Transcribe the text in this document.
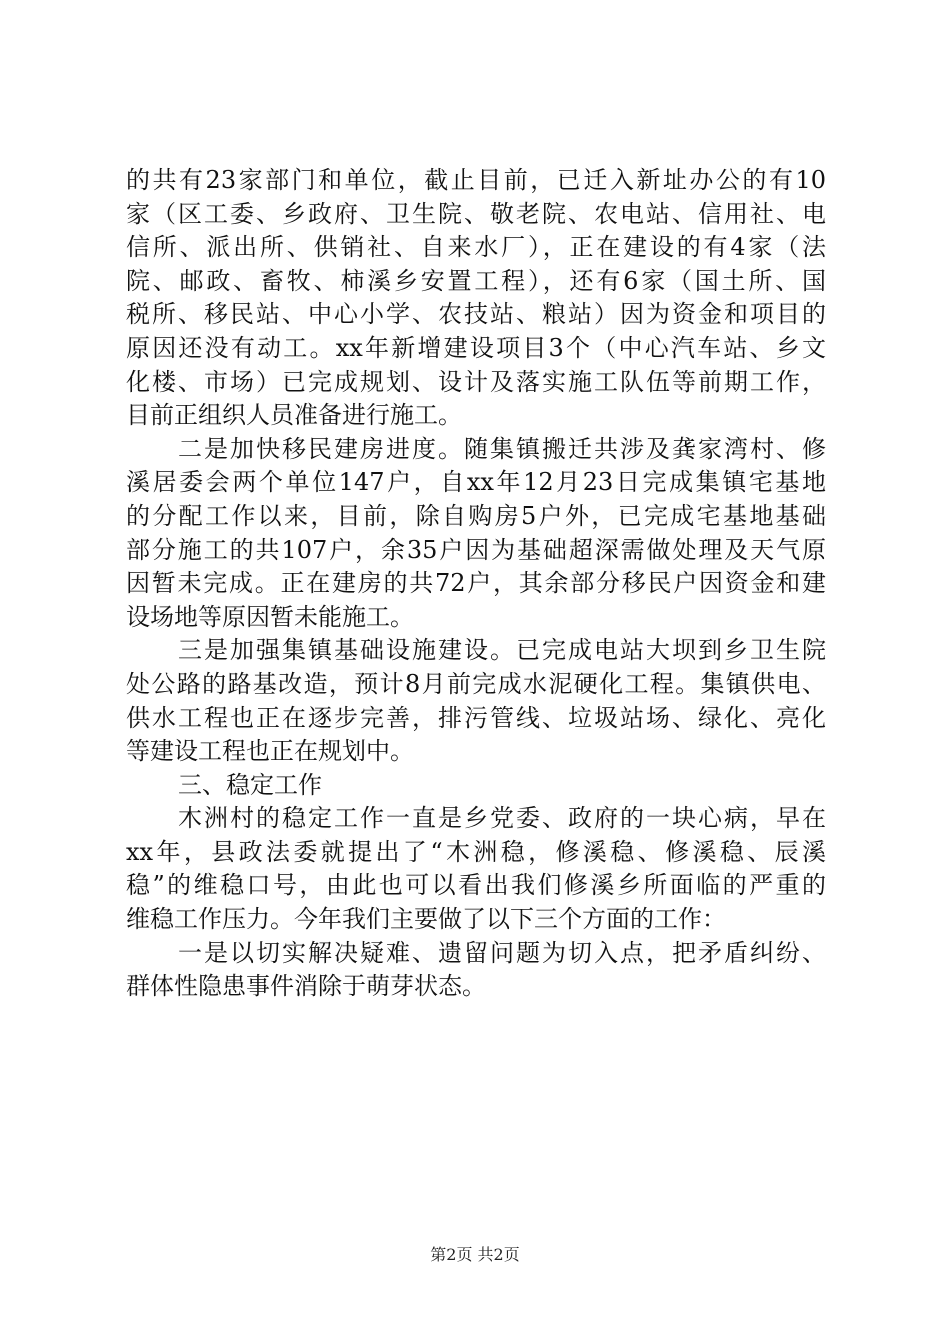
的共有23家部门和单位，截止目前，已迁入新址办公的有10
家（区工委、乡政府、卫生院、敬老院、农电站、信用社、电
信所、派出所、供销社、自来水厂），正在建设的有4家（法
院、邮政、畜牧、柿溪乡安置工程），还有6家（国土所、国
税所、移民站、中心小学、农技站、粮站）因为资金和项目的
原因还没有动工。xx年新增建设项目3个（中心汽车站、乡文
化楼、市场）已完成规划、设计及落实施工队伍等前期工作，
目前正组织人员准备进行施工。
二是加快移民建房进度。随集镇搬迁共涉及龚家湾村、修
溪居委会两个单位147户，自xx年12月23日完成集镇宅基地
的分配工作以来，目前，除自购房5户外，已完成宅基地基础
部分施工的共107户，余35户因为基础超深需做处理及天气原
因暂未完成。正在建房的共72户，其余部分移民户因资金和建
设场地等原因暂未能施工。
三是加强集镇基础设施建设。已完成电站大坝到乡卫生院
处公路的路基改造，预计8月前完成水泥硬化工程。集镇供电、
供水工程也正在逐步完善，排污管线、垃圾站场、绿化、亮化
等建设工程也正在规划中。
三、稳定工作
木洲村的稳定工作一直是乡党委、政府的一块心病，早在
xx年，县政法委就提出了“木洲稳，修溪稳、修溪稳、辰溪
稳”的维稳口号，由此也可以看出我们修溪乡所面临的严重的
维稳工作压力。今年我们主要做了以下三个方面的工作：
一是以切实解决疑难、遗留问题为切入点，把矛盾纠纷、
群体性隐患事件消除于萌芽状态。
第2页 共2页
